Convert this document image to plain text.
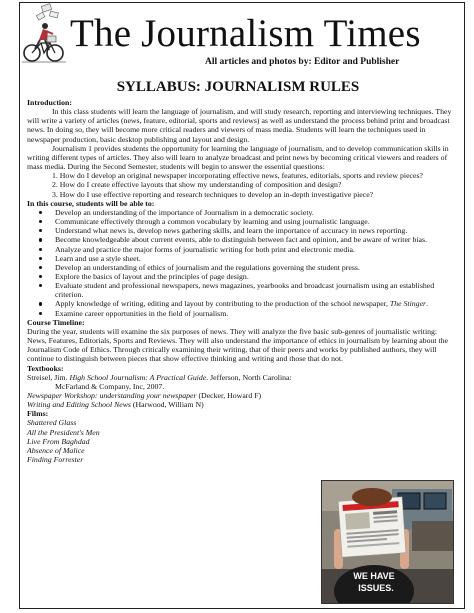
The Journalism Times
All articles and photos by: Editor and Publisher
SYLLABUS: JOURNALISM RULES

Introduction:

In this class students will learn the language of journalism, and will study research, reporting and interviewing techniques. They will write a variety of articles (news, feature, editorial, sports and reviews) as well as understand the process behind print and broadcast news. In doing so, they will become more critical readers and viewers of mass media. Students will learn the techniques used in newspaper production, basic desktop publishing and layout and design.

Journalism 1 provides students the opportunity for learning the language of journalism, and to develop communication skills in writing different types of articles. They also will learn to analyze broadcast and print news by becoming critical viewers and readers of mass media. During the Second Semester, students will begin to answer the essential questions:

1. How do I develop an original newspaper incorporating effective news, features, editorials, sports and review pieces?

2. How do I create effective layouts that show my understanding of composition and design?

3. How do I use effective reporting and research techniques to develop an in-depth investigative piece?

In this course, students will be able to:

Develop an understanding of the importance of Journalism in a democratic society.
Communicate effectively through a common vocabulary by learning and using journalistic language.
Understand what news is, develop news gathering skills, and learn the importance of accuracy in news reporting.
Become knowledgeable about current events, able to distinguish between fact and opinion, and be aware of writer bias.
Analyze and practice the major forms of journalistic writing for both print and electronic media.
Learn and use a style sheet.
Develop an understanding of ethics of journalism and the regulations governing the student press.
Explore the basics of layout and the principles of page design.
Evaluate student and professional newspapers, news magazines, yearbooks and broadcast journalism using an established criterion.
Apply knowledge of writing, editing and layout by contributing to the production of the school newspaper, The Stinger.
Examine career opportunities in the field of journalism.

Course Timeline:

During the year, students will examine the six purposes of news. They will analyze the five basic sub-genres of journalistic writing: News, Features, Editorials, Sports and Reviews. They will also understand the importance of ethics in journalism by learning about the Journalism Code of Ethics. Through critically examining their writing, that of their peers and works by published authors, they will continue to distinguish between pieces that show effective thinking and writing and those that do not.

Textbooks:

Streisel, Jim. High School Journalism: A Practical Guide. Jefferson, North Carolina:

McFarland & Company, Inc, 2007.

Newspaper Workshop: understanding your newspaper (Decker, Howard F)

Writing and Editing School News (Harwood, William N)

Films:

Shattered Glass

All the President's Men

Live From Baghdad

Absence of Malice

Finding Forrester

WE HAVE
ISSUES.
